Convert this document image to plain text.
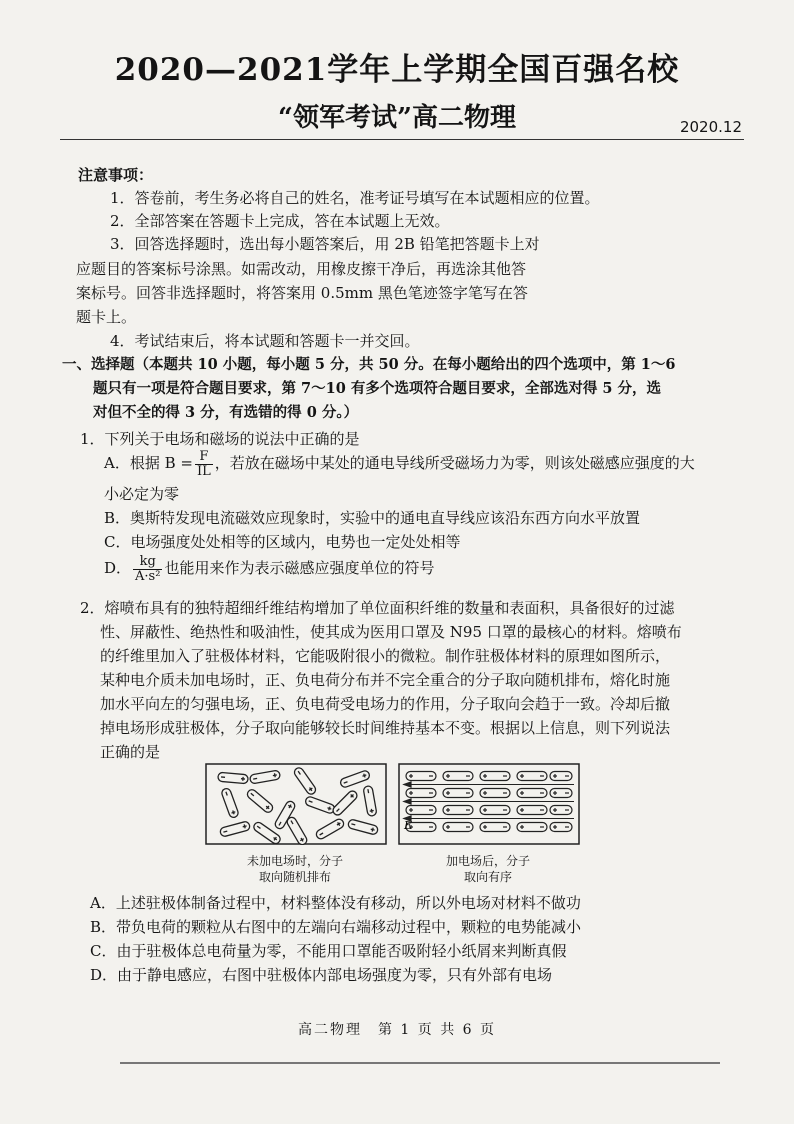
2020—2021学年上学期全国百强名校
“领军考试”高二物理	2020.12
注意事项：
1．答卷前，考生务必将自己的姓名，准考证号填写在本试题相应的位置。
2．全部答案在答题卡上完成，答在本试题上无效。
3．回答选择题时，选出每小题答案后，用 2B 铅笔把答题卡上对
应题目的答案标号涂黑。如需改动，用橡皮擦干净后，再选涂其他答
案标号。回答非选择题时，将答案用 0.5mm 黑色笔迹签字笔写在答
题卡上。
4．考试结束后，将本试题和答题卡一并交回。
一、选择题（本题共 10 小题，每小题 5 分，共 50 分。在每小题给出的四个选项中，第 1～6
题只有一项是符合题目要求，第 7～10 有多个选项符合题目要求，全部选对得 5 分，选
对但不全的得 3 分，有选错的得 0 分。）
1．下列关于电场和磁场的说法中正确的是
A．根据 $B = \frac{F}{IL}$ ，若放在磁场中某处的通电导线所受磁场力为零，则该处磁感应强度的大
小必定为零
B．奥斯特发现电流磁效应现象时，实验中的通电直导线应该沿东西方向水平放置
C．电场强度处处相等的区域内，电势也一定处处相等
D． $\frac{kg}{\text{A·s²}}$ 也能用来作为表示磁感应强度单位的符号
2．熔喷布具有的独特超细纤维结构增加了单位面积纤维的数量和表面积，具备很好的过滤
性、屏蔽性、绝热性和吸油性，使其成为医用口罩及 N95 口罩的最核心的材料。熔喷布
的纤维里加入了驻极体材料，它能吸附很小的微粒。制作驻极体材料的原理如图所示，
某种电介质未加电场时，正、负电荷分布并不完全重合的分子取向随机排布，熔化时施
加水平向左的匀强电场，正、负电荷受电场力的作用，分子取向会趋于一致。冷却后撤
掉电场形成驻极体，分子取向能够较长时间维持基本不变。根据以上信息，则下列说法
正确的是
未加电场时，分子
取向随机排布
E
加电场后，分子
取向有序
A．上述驻极体制备过程中，材料整体没有移动，所以外电场对材料不做功
B．带负电荷的颗粒从右图中的左端向右端移动过程中，颗粒的电势能减小
C．由于驻极体总电荷量为零，不能用口罩能否吸附轻小纸屑来判断真假
D．由于静电感应，右图中驻极体内部电场强度为零，只有外部有电场
高二物理　第 1 页 共 6 页
